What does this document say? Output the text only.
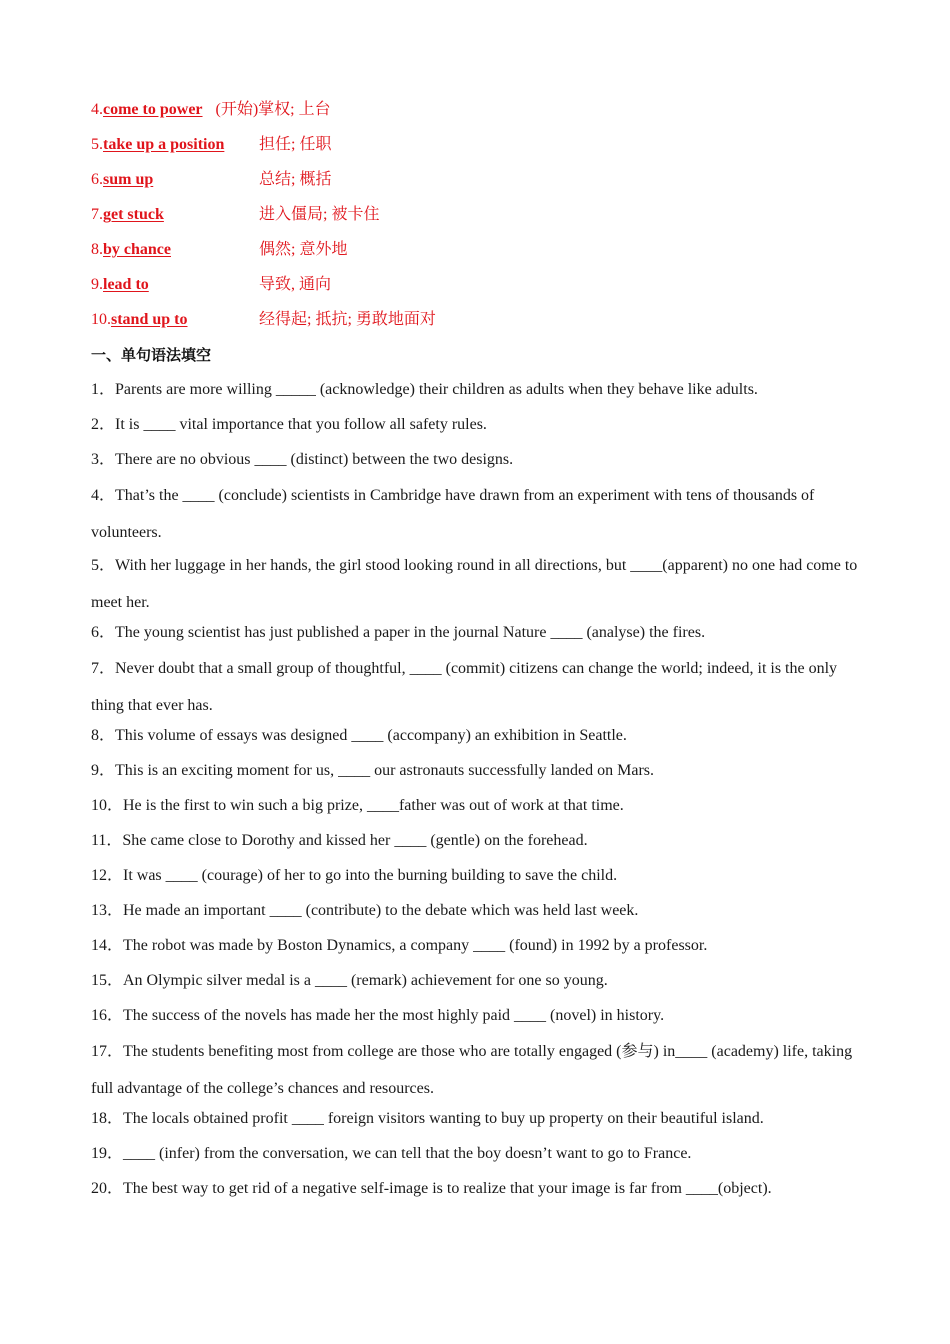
4.come to power (开始)掌权; 上台
5.take up a position 担任; 任职
6.sum up	总结; 概括
7.get stuck	进入僵局; 被卡住
8.by chance	偶然; 意外地
9.lead to	导致, 通向
10.stand up to	经得起; 抵抗; 勇敢地面对
一、单句语法填空
1．Parents are more willing _____ (acknowledge) their children as adults when they behave like adults.
2．It is ____ vital importance that you follow all safety rules.
3．There are no obvious ____ (distinct) between the two designs.
4．That’s the ____ (conclude) scientists in Cambridge have drawn from an experiment with tens of thousands of volunteers.
5．With her luggage in her hands, the girl stood looking round in all directions, but ____(apparent) no one had come to meet her.
6．The young scientist has just published a paper in the journal Nature ____ (analyse) the fires.
7．Never doubt that a small group of thoughtful, ____ (commit) citizens can change the world; indeed, it is the only thing that ever has.
8．This volume of essays was designed ____ (accompany) an exhibition in Seattle.
9．This is an exciting moment for us, ____ our astronauts successfully landed on Mars.
10．He is the first to win such a big prize, ____father was out of work at that time.
11．She came close to Dorothy and kissed her ____ (gentle) on the forehead.
12．It was ____ (courage) of her to go into the burning building to save the child.
13．He made an important ____ (contribute) to the debate which was held last week.
14．The robot was made by Boston Dynamics, a company ____ (found) in 1992 by a professor.
15．An Olympic silver medal is a ____ (remark) achievement for one so young.
16．The success of the novels has made her the most highly paid ____ (novel) in history.
17．The students benefiting most from college are those who are totally engaged (参与) in____ (academy) life, taking full advantage of the college’s chances and resources.
18．The locals obtained profit ____ foreign visitors wanting to buy up property on their beautiful island.
19．____ (infer) from the conversation, we can tell that the boy doesn’t want to go to France.
20．The best way to get rid of a negative self-image is to realize that your image is far from ____(object).
